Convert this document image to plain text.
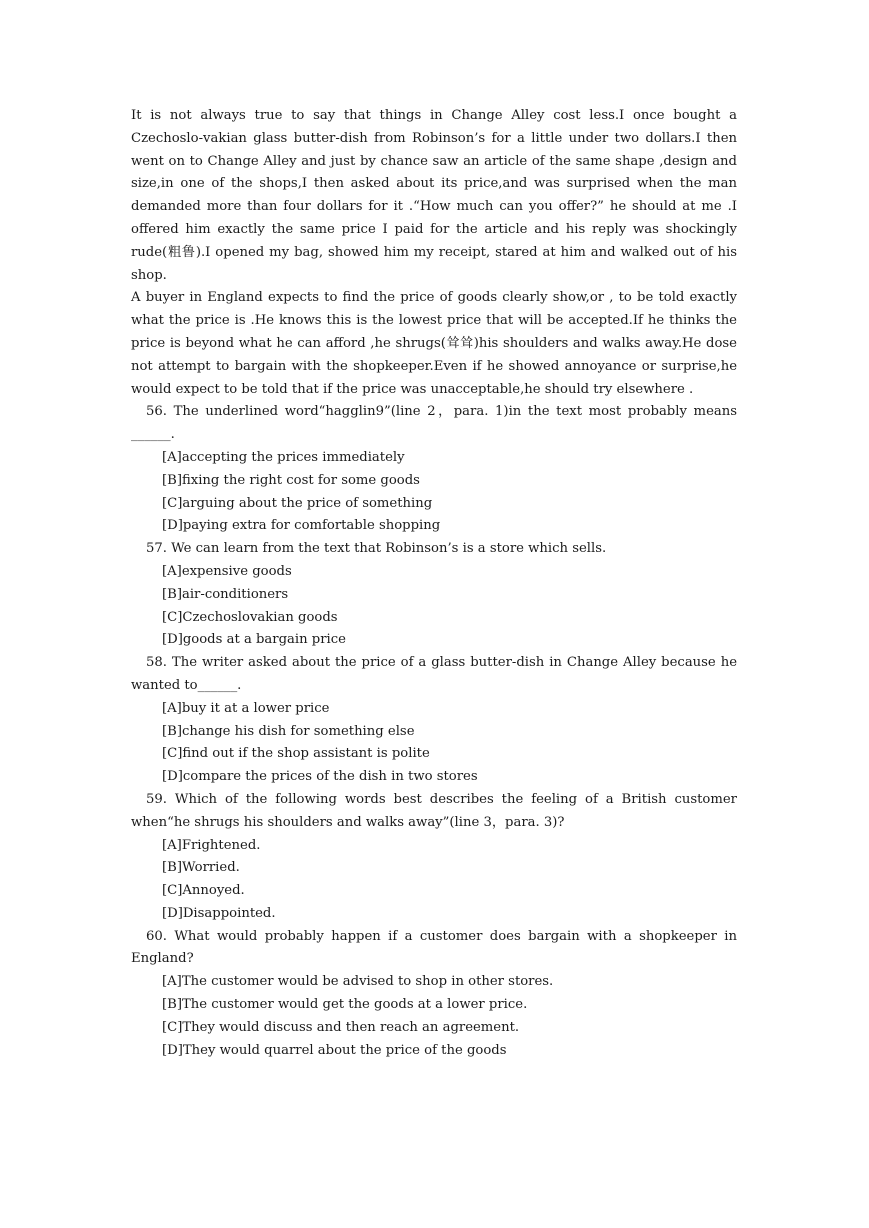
It is not always true to say that things in Change Alley cost less.I once bought a Czechoslo-vakian glass butter-dish from Robinson’s for a little under two dollars.I then went on to Change Alley and just by chance saw an article of the same shape ,design and size,in one of the shops,I then asked about its price,and was surprised when the man demanded more than four dollars for it .“How much can you offer?” he should at me .I offered him exactly the same price I paid for the article and his reply was shockingly rude(粗鲁).I opened my bag, showed him my receipt, stared at him and walked out of his shop.

A buyer in England expects to find the price of goods clearly show,or , to be told exactly what the price is .He knows this is the lowest price that will be accepted.If he thinks the price is beyond what he can afford ,he shrugs(耸耸)his shoulders and walks away.He dose not attempt to bargain with the shopkeeper.Even if he showed annoyance or surprise,he would expect to be told that if the price was unacceptable,he should try elsewhere .

56. The underlined word“hagglin9”(line 2，para. 1)in the text most probably means ______.

[A]accepting the prices immediately

[B]fixing the right cost for some goods

[C]arguing about the price of something

[D]paying extra for comfortable shopping

57. We can learn from the text that Robinson’s is a store which sells.

[A]expensive goods

[B]air-conditioners

[C]Czechoslovakian goods

[D]goods at a bargain price

58. The writer asked about the price of a glass butter-dish in Change Alley because he wanted to______.

[A]buy it at a lower price

[B]change his dish for something else

[C]find out if the shop assistant is polite

[D]compare the prices of the dish in two stores

59. Which of the following words best describes the feeling of a British customer when“he shrugs his shoulders and walks away”(line 3，para. 3)?

[A]Frightened.

[B]Worried.

[C]Annoyed.

[D]Disappointed.

60. What would probably happen if a customer does bargain with a shopkeeper in England?

[A]The customer would be advised to shop in other stores.

[B]The customer would get the goods at a lower price.

[C]They would discuss and then reach an agreement.

[D]They would quarrel about the price of the goods
